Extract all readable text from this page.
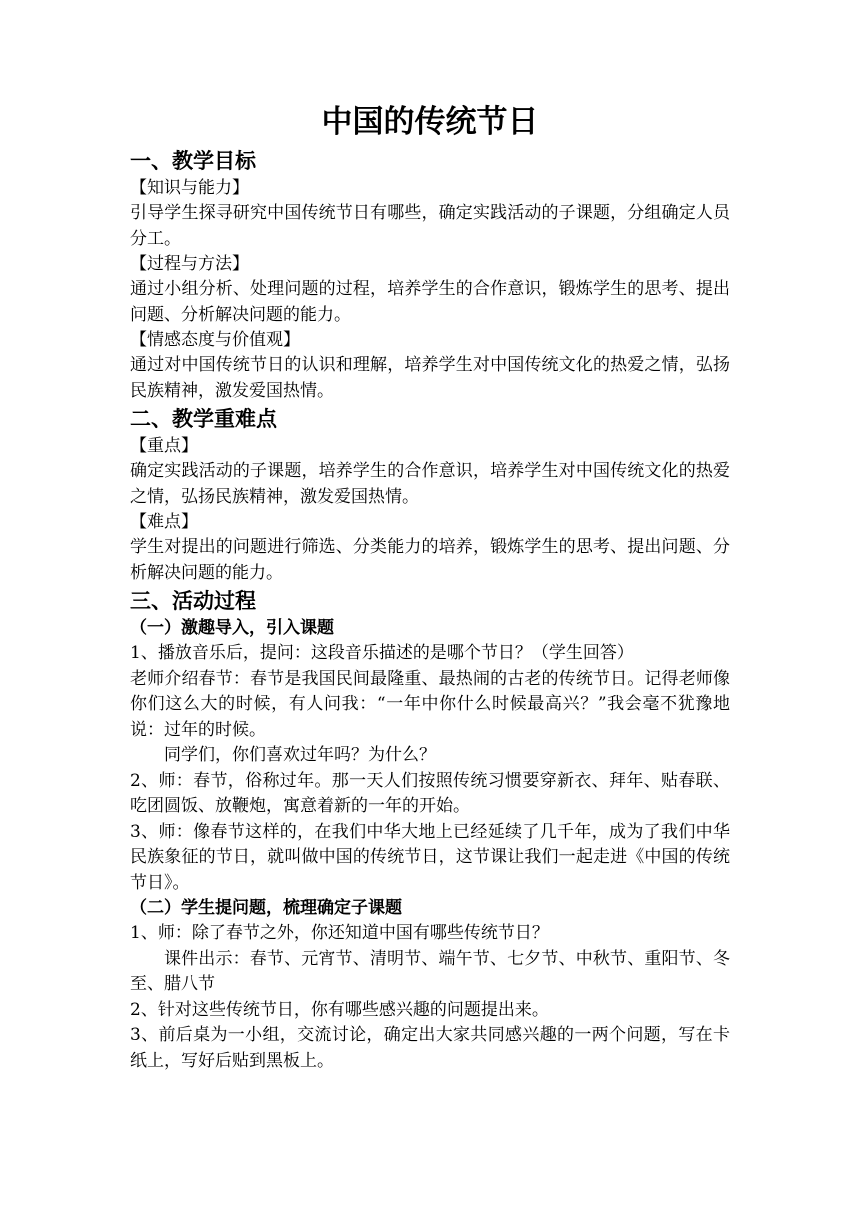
中国的传统节日
一、教学目标
【知识与能力】
引导学生探寻研究中国传统节日有哪些，确定实践活动的子课题，分组确定人员分工。
【过程与方法】
通过小组分析、处理问题的过程，培养学生的合作意识，锻炼学生的思考、提出问题、分析解决问题的能力。
【情感态度与价值观】
通过对中国传统节日的认识和理解，培养学生对中国传统文化的热爱之情，弘扬民族精神，激发爱国热情。
二、教学重难点
【重点】
确定实践活动的子课题，培养学生的合作意识，培养学生对中国传统文化的热爱之情，弘扬民族精神，激发爱国热情。
【难点】
学生对提出的问题进行筛选、分类能力的培养，锻炼学生的思考、提出问题、分析解决问题的能力。
三、活动过程
（一）激趣导入，引入课题
1、播放音乐后，提问：这段音乐描述的是哪个节日？（学生回答）
老师介绍春节：春节是我国民间最隆重、最热闹的古老的传统节日。记得老师像你们这么大的时候，有人问我：“一年中你什么时候最高兴？”我会毫不犹豫地说：过年的时候。
同学们，你们喜欢过年吗？为什么？
2、师：春节，俗称过年。那一天人们按照传统习惯要穿新衣、拜年、贴春联、吃团圆饭、放鞭炮，寓意着新的一年的开始。
3、师：像春节这样的，在我们中华大地上已经延续了几千年，成为了我们中华民族象征的节日，就叫做中国的传统节日，这节课让我们一起走进《中国的传统节日》。
（二）学生提问题，梳理确定子课题
1、师：除了春节之外，你还知道中国有哪些传统节日？
课件出示：春节、元宵节、清明节、端午节、七夕节、中秋节、重阳节、冬至、腊八节
2、针对这些传统节日，你有哪些感兴趣的问题提出来。
3、前后桌为一小组，交流讨论，确定出大家共同感兴趣的一两个问题，写在卡纸上，写好后贴到黑板上。
